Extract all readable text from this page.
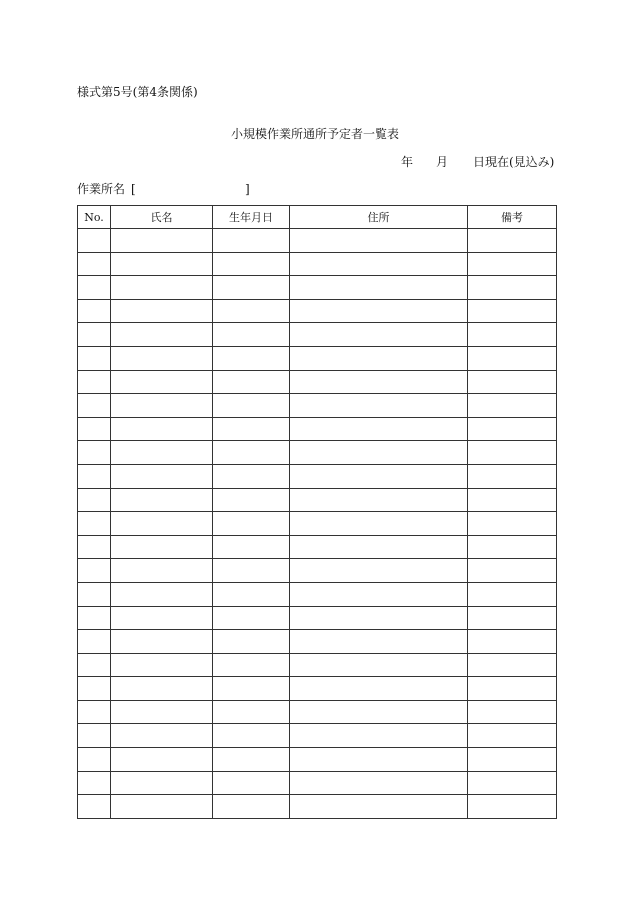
様式第5号(第4条関係)
小規模作業所通所予定者一覧表
年 月 日現在(見込み)
作業所名 [	]
No.	氏名	生年月日	住所	備考
